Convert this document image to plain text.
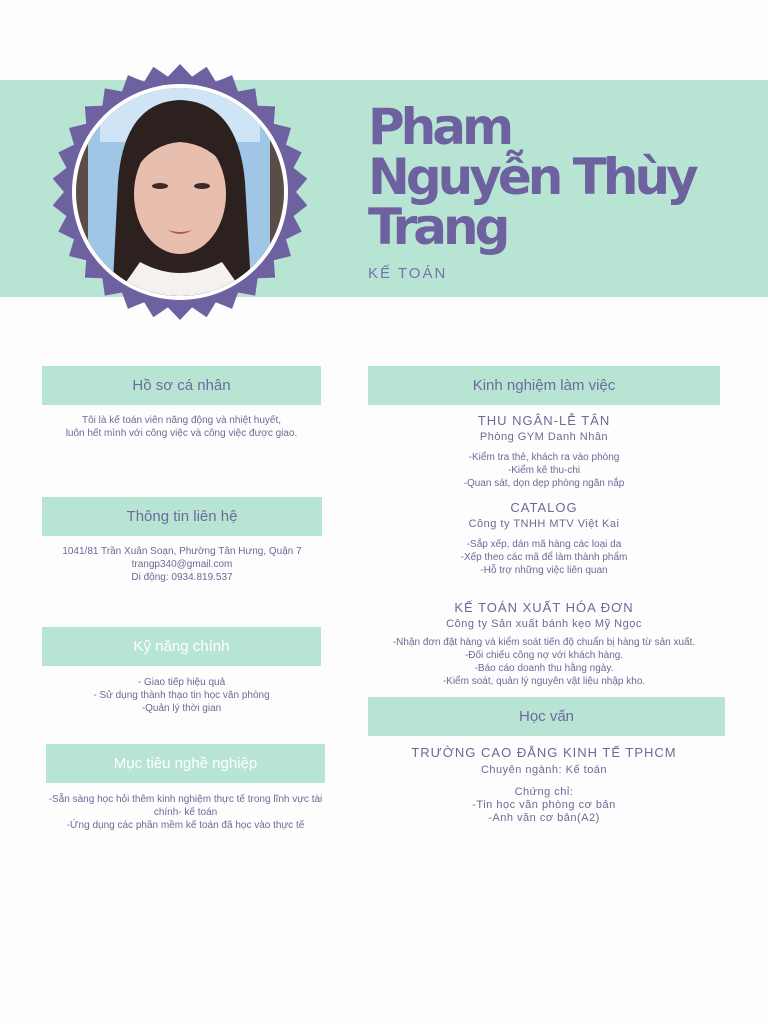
Pham
Nguyễn Thùy
Trang
KẾ TOÁN
Hồ sơ cá nhân
Tôi là kế toán viên năng động và nhiệt huyết,
luôn hết mình với công việc và công việc được giao.
Thông tin liên hệ
1041/81 Trần Xuân Soạn, Phường Tân Hưng, Quận 7
trangp340@gmail.com
Di động: 0934.819.537
Kỹ năng chính
- Giao tiếp hiệu quả
- Sử dụng thành thạo tin học văn phòng
-Quản lý thời gian
Mục tiêu nghề nghiệp
-Sẵn sàng học hỏi thêm kinh nghiệm thực tế trong lĩnh vực tài
chính- kế toán
-Ứng dụng các phần mềm kế toán đã học vào thực tế
Kinh nghiệm làm việc
THU NGÂN-LỄ TÂN
Phòng GYM Danh Nhân
-Kiểm tra thẻ, khách ra vào phòng
-Kiểm kê thu-chi
-Quan sát, dọn dẹp phòng ngăn nắp
CATALOG
Công ty TNHH MTV Việt Kai
-Sắp xếp, dán mã hàng các loại da
-Xếp theo các mã để làm thành phẩm
-Hỗ trợ những việc liên quan
KẾ TOÁN XUẤT HÓA ĐƠN
Công ty Sản xuất bánh kẹo Mỹ Ngọc
-Nhận đơn đặt hàng và kiểm soát tiến độ chuẩn bị hàng từ sản xuất.
-Đối chiếu công nợ với khách hàng.
-Báo cáo doanh thu hằng ngày.
-Kiểm soát, quản lý nguyên vật liệu nhập kho.
Học vấn
TRƯỜNG CAO ĐẲNG KINH TẾ TPHCM
Chuyên ngành: Kế toán
Chứng chỉ:
-Tin học văn phòng cơ bản
-Anh văn cơ bản(A2)
